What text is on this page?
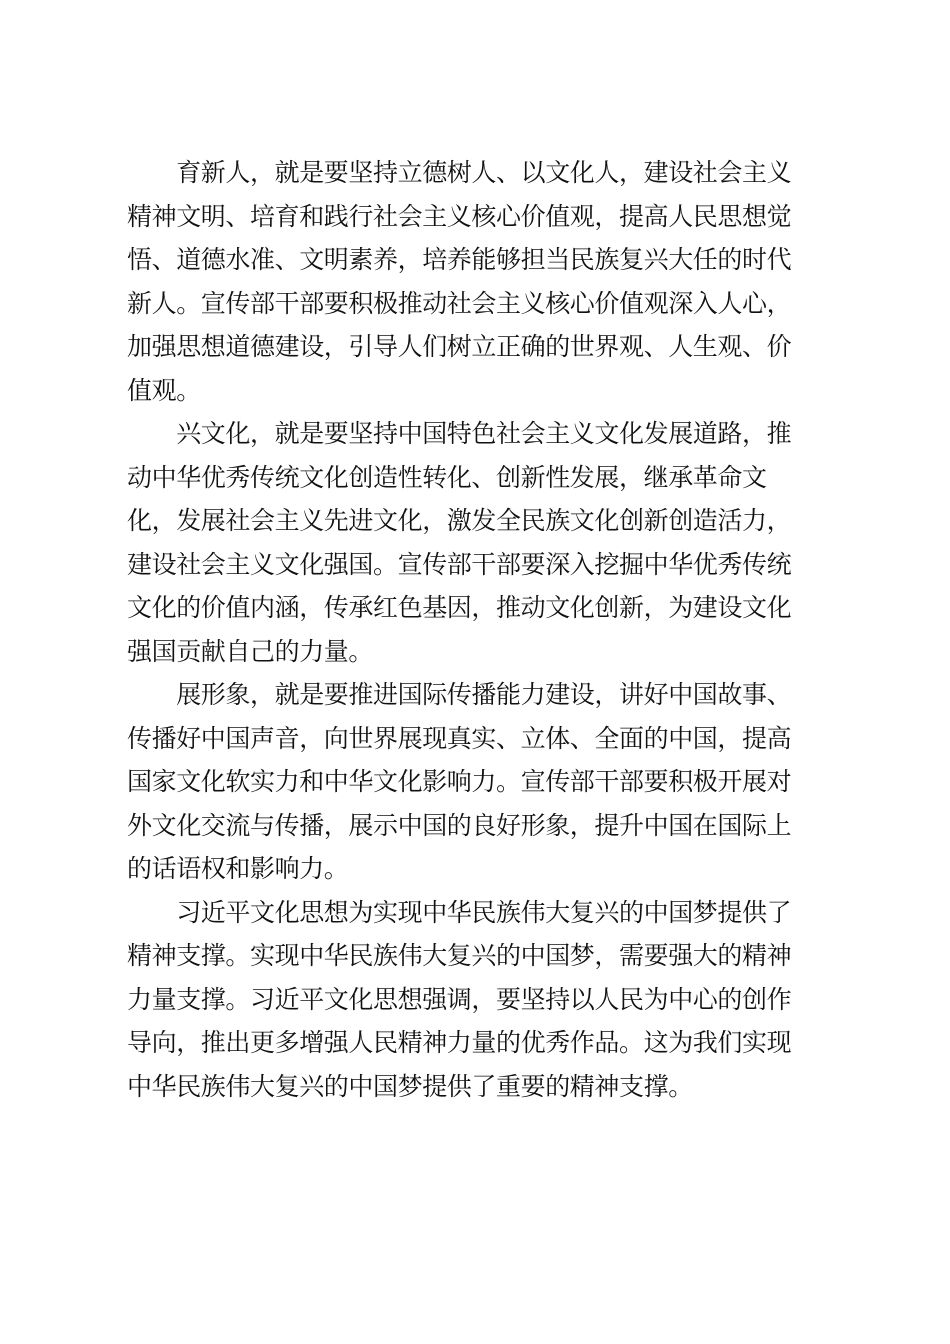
　　育新人，就是要坚持立德树人、以文化人，建设社会主义
精神文明、培育和践行社会主义核心价值观，提高人民思想觉
悟、道德水准、文明素养，培养能够担当民族复兴大任的时代
新人。宣传部干部要积极推动社会主义核心价值观深入人心，
加强思想道德建设，引导人们树立正确的世界观、人生观、价
值观。
　　兴文化，就是要坚持中国特色社会主义文化发展道路，推
动中华优秀传统文化创造性转化、创新性发展，继承革命文
化，发展社会主义先进文化，激发全民族文化创新创造活力，
建设社会主义文化强国。宣传部干部要深入挖掘中华优秀传统
文化的价值内涵，传承红色基因，推动文化创新，为建设文化
强国贡献自己的力量。
　　展形象，就是要推进国际传播能力建设，讲好中国故事、
传播好中国声音，向世界展现真实、立体、全面的中国，提高
国家文化软实力和中华文化影响力。宣传部干部要积极开展对
外文化交流与传播，展示中国的良好形象，提升中国在国际上
的话语权和影响力。
　　习近平文化思想为实现中华民族伟大复兴的中国梦提供了
精神支撑。实现中华民族伟大复兴的中国梦，需要强大的精神
力量支撑。习近平文化思想强调，要坚持以人民为中心的创作
导向，推出更多增强人民精神力量的优秀作品。这为我们实现
中华民族伟大复兴的中国梦提供了重要的精神支撑。
